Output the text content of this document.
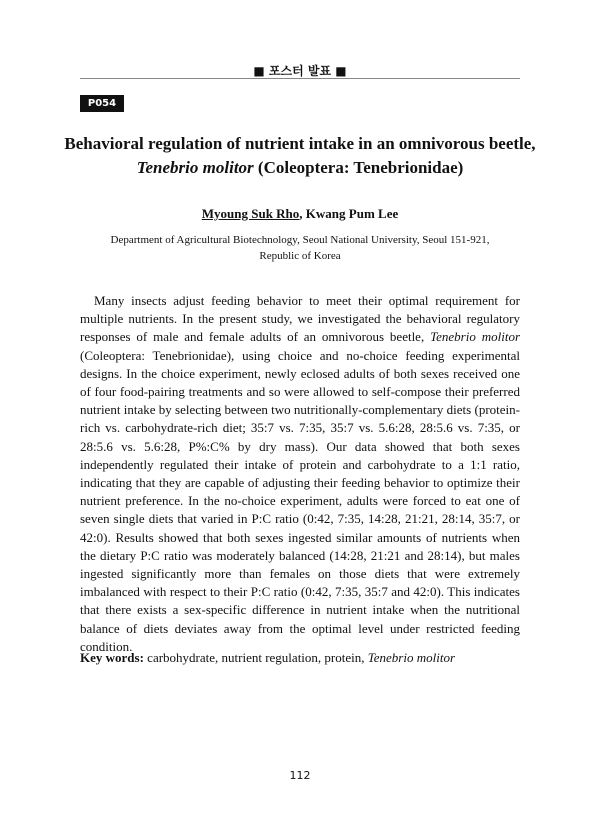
■ 포스터 발표 ■
P054
Behavioral regulation of nutrient intake in an omnivorous beetle,
Tenebrio molitor (Coleoptera: Tenebrionidae)
Myoung Suk Rho, Kwang Pum Lee
Department of Agricultural Biotechnology, Seoul National University, Seoul 151-921,
Republic of Korea

Many insects adjust feeding behavior to meet their optimal requirement for multiple nutrients. In the present study, we investigated the behavioral regulatory responses of male and female adults of an omnivorous beetle, Tenebrio molitor (Coleoptera: Tenebrionidae), using choice and no-choice feeding experimental designs. In the choice experiment, newly eclosed adults of both sexes received one of four food-pairing treatments and so were allowed to self-compose their preferred nutrient intake by selecting between two nutritionally-complementary diets (protein-rich vs. carbohydrate-rich diet; 35:7 vs. 7:35, 35:7 vs. 5.6:28, 28:5.6 vs. 7:35, or 28:5.6 vs. 5.6:28, P%:C% by dry mass). Our data showed that both sexes independently regulated their intake of protein and carbohydrate to a 1:1 ratio, indicating that they are capable of adjusting their feeding behavior to optimize their nutrient preference. In the no-choice experiment, adults were forced to eat one of seven single diets that varied in P:C ratio (0:42, 7:35, 14:28, 21:21, 28:14, 35:7, or 42:0). Results showed that both sexes ingested similar amounts of nutrients when the dietary P:C ratio was moderately balanced (14:28, 21:21 and 28:14), but males ingested significantly more than females on those diets that were extremely imbalanced with respect to their P:C ratio (0:42, 7:35, 35:7 and 42:0). This indicates that there exists a sex-specific difference in nutrient intake when the nutritional balance of diets deviates away from the optimal level under restricted feeding condition.

Key words: carbohydrate, nutrient regulation, protein, Tenebrio molitor
112
